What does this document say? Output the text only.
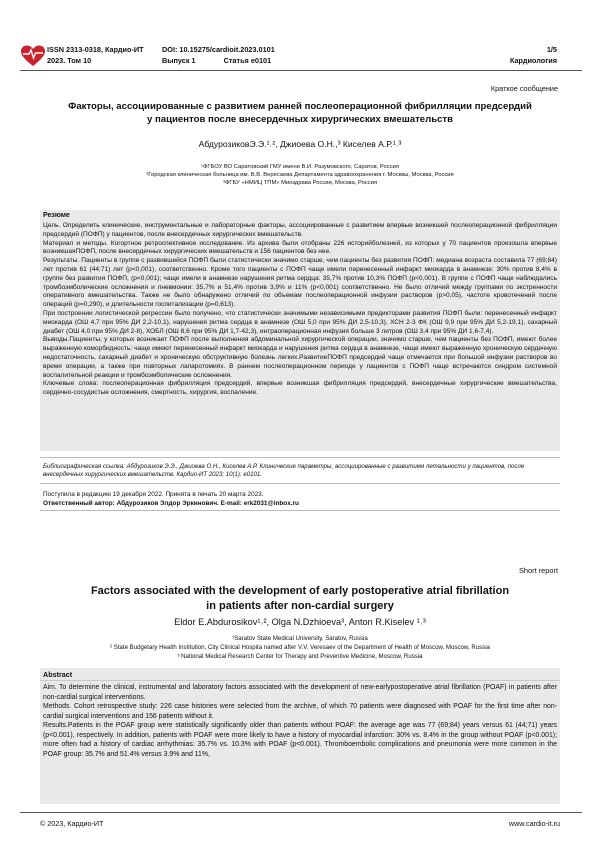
ISSN 2313-0318, Кардио-ИТ	DOI: 10.15275/cardioit.2023.0101	1/5
2023. Том 10	Выпуск 1	Статья е0101	Кардиология
Краткое сообщение
Факторы, ассоциированные с развитием ранней послеоперационной фибрилляции предсердий
у пациентов после внесердечных хирургических вмешательств
АбдурозиковЭ.Э.¹˒², Джиоева О.Н.,³ Киселев А.Р.¹˒³
¹ФГБОУ ВО Саратовский ГМУ имени В.И. Разумовского, Саратов, Россия
²Городская клиническая больница им. В.В. Вересаева Департамента здравоохранения г. Москвы, Москва, Россия
³ФГБУ «НМИЦ ТПМ» Минздрава России, Москва, Россия
Резюме

Цель. Определить клинические, инструментальные и лабораторные факторы, ассоциированные с развитием впервые возникшей послеоперационной фибрилляции предсердий (ПОФП) у пациентов, после внесердечных хирургических вмешательств.

Материал и методы. Когортное ретроспективное исследование. Из архива были отобраны 226 историйболезней, из которых у 70 пациентов произошла впервые возникшаяПОФП, после внесердечных хирургических вмешательств и 156 пациентов без нее.

Результаты. Пациенты в группе с развившейся ПОФП были статистически значимо старше, чем пациенты без развития ПОФП: медиана возраста составила 77 (69;84) лет против 61 (44;71) лет (p<0,001), соответственно. Кроме того пациенты с ПОФП чаще имели перенесенный инфаркт миокарда в анамнезе: 30% против 8,4% в группе без развития ПОФП, (p<0,001); чаще имели в анамнезе нарушения ритма сердца: 35,7% против 10,3% ПОФП (p<0,001). В группе с ПОФП чаще наблюдались тромбоэмболические осложнения и пневмонии: 35,7% и 51,4% против 3,9% и 11% (p<0,001) соответственно. Не было отличий между группами по экстренности оперативного вмешательства. Также не было обнаружено отличий по объемам послеоперационной инфузии растворов (p>0,05), частоте кровотечений после операций (p=0,290), и длительности госпитализации (p=0,613).

При построении логистической регрессии было получено, что статистически значимыми независимыми предикторами развития ПОФП были: перенесенный инфаркт миокарда (ОШ 4,7 при 95% ДИ 2,2-10,1), нарушения ритма сердца в анамнезе (ОШ 5,0 при 95% ДИ 2,5-10,3), ХСН 2-3 ФК (ОШ 9,9 при 95% ДИ 5,2-19,1), сахарный диабет (ОШ 4,0 при 95% ДИ 2-8), ХОБЛ (ОШ 8,6 при 95% ДИ 1,7-42,3), интраоперационная инфузия больше 3 литров (ОШ 3,4 при 95% ДИ 1,6-7,4).

Выводы.Пациенты, у которых возникает ПОФП после выполнения абдоминальной хирургической операции, значимо старше, чем пациенты без ПОФП, имеют более выраженную коморбидность: чаще имеют перенесенный инфаркт миокарда и нарушения ритма сердца в анамнезе, чаще имеют выраженную хроническую сердечную недостаточность, сахарный диабет и хроническую обструктивную болезнь легких.РазвитиеПОФП предсердий чаще отмечается при большой инфузии растворов во время операции, а также при повторных лапаротомиях. В раннем послеоперационном периоде у пациентов с ПОФП чаще встречаются синдром системной воспалительной реакции и тромбоэмболические осложнения.

Ключевые слова: послеоперационная фибрилляция предсердий, впервые возникшая фибрилляция предсердий, внесердечные хирургические вмешательства, сердечно-сосудистые осложнения, смертность, хирургия, воспаление.

Библиографическая ссылка: Абдурозиков Э.Э., Джиоева О.Н., Киселев А.Р. Клинические параметры, ассоциированные с развитием летальности у пациентов, после внесердечных хирургических вмешательств. Кардио-ИТ 2023; 10(1): e0101.
Поступила в редакцию 19 декабря 2022. Принята в печать 20 марта 2023.
Ответственный автор: Абдурозиков Элдор Эркинович. E-mail: erk2031@inbox.ru
Short report
Factors associated with the development of early postoperative atrial fibrillation
in patients after non-cardial surgery
Eldor E.Abdurosikov¹˒², Olga N.Dzhioeva³, Anton R.Kiselev ¹˒³
¹Saratov State Medical University, Saratov, Russia
² State Budgetary Health Institution, City Clinical Hospita named after V.V. Veresaev of the Department of Health of Moscow, Moscow, Russia
³ National Medical Research Center for Therapy and Preventive Medicine, Moscow, Russia
Abstract

Aim. To determine the clinical, instrumental and laboratory factors associated with the development of new-earlypostoperative atrial fibrillation (POAF) in patients after non-cardial surgical interventions.

Methods. Cohort retrospective study: 226 case histories were selected from the archive, of which 70 patients were diagnosed with POAF for the first time after non-cardial surgical interventions and 156 patients without it.

Results.Patients in the POAF group were statistically significantly older than patients without POAF: the average age was 77 (69;84) years versus 61 (44;71) years (p<0.001), respectively. In addition, patients with POAF were more likely to have a history of myocardial infarction: 30% vs. 8.4% in the group without POAF (p<0.001); more often had a history of cardiac arrhythmias: 35.7% vs. 10.3% with POAF (p<0.001). Thromboembolic complications and pneumonia were more common in the POAF group: 35.7% and 51.4% versus 3.9% and 11%,

© 2023, Кардио-ИТ	www.cardio-it.ru
